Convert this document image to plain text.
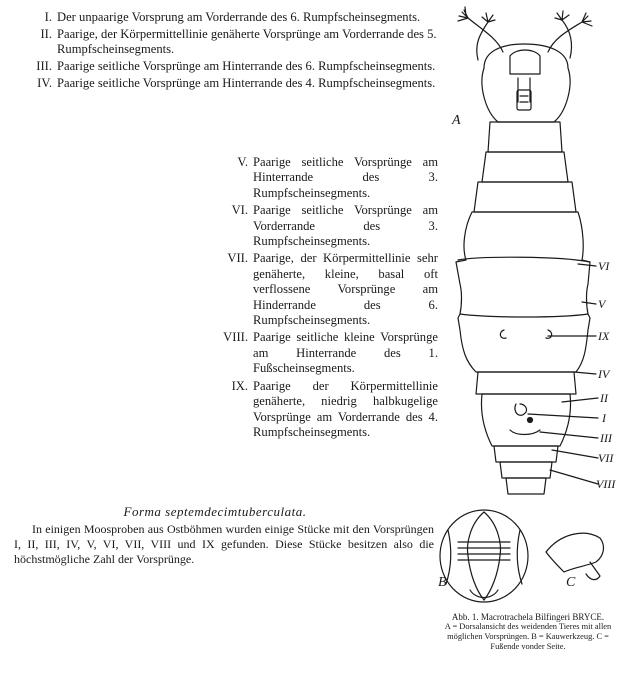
I. Der unpaarige Vorsprung am Vorderrande des 6. Rumpfscheinsegments.
II. Paarige, der Körpermittellinie genäherte Vorsprünge am Vorderrande des 5. Rumpfscheinsegments.
III. Paarige seitliche Vorsprünge am Hinterrande des 6. Rumpfscheinsegments.
IV. Paarige seitliche Vorsprünge am Hinterrande des 4. Rumpfscheinsegments.
V. Paarige seitliche Vorsprünge am Hinterrande des 3. Rumpfscheinsegments.
VI. Paarige seitliche Vorsprünge am Vorderrande des 3. Rumpfscheinsegments.
VII. Paarige, der Körpermittellinie sehr genäherte, kleine, basal oft verflossene Vorsprünge am Hinderrande des 6. Rumpfscheinsegments.
VIII. Paarige seitliche kleine Vorsprünge am Hinterrande des 1. Fußscheinsegments.
IX. Paarige der Körpermittellinie genäherte, niedrig halbkugelige Vorsprünge am Vorderrande des 4. Rumpfscheinsegments.
Forma septemdecimtuberculata.
In einigen Moosproben aus Ostböhmen wurden einige Stücke mit den Vorsprüngen I, II, III, IV, V, VI, VII, VIII und IX gefunden. Diese Stücke besitzen also die höchstmögliche Zahl der Vorsprünge.
A
B	C
VI
V
IX
IV
II
I
III
VII
VIII
Abb. 1. Macrotrachela Bilfingeri BRYCE.
A = Dorsalansicht des weidenden Tieres mit allen möglichen Vorsprüngen. B = Kauwerkzeug. C = Fußende vonder Seite.
